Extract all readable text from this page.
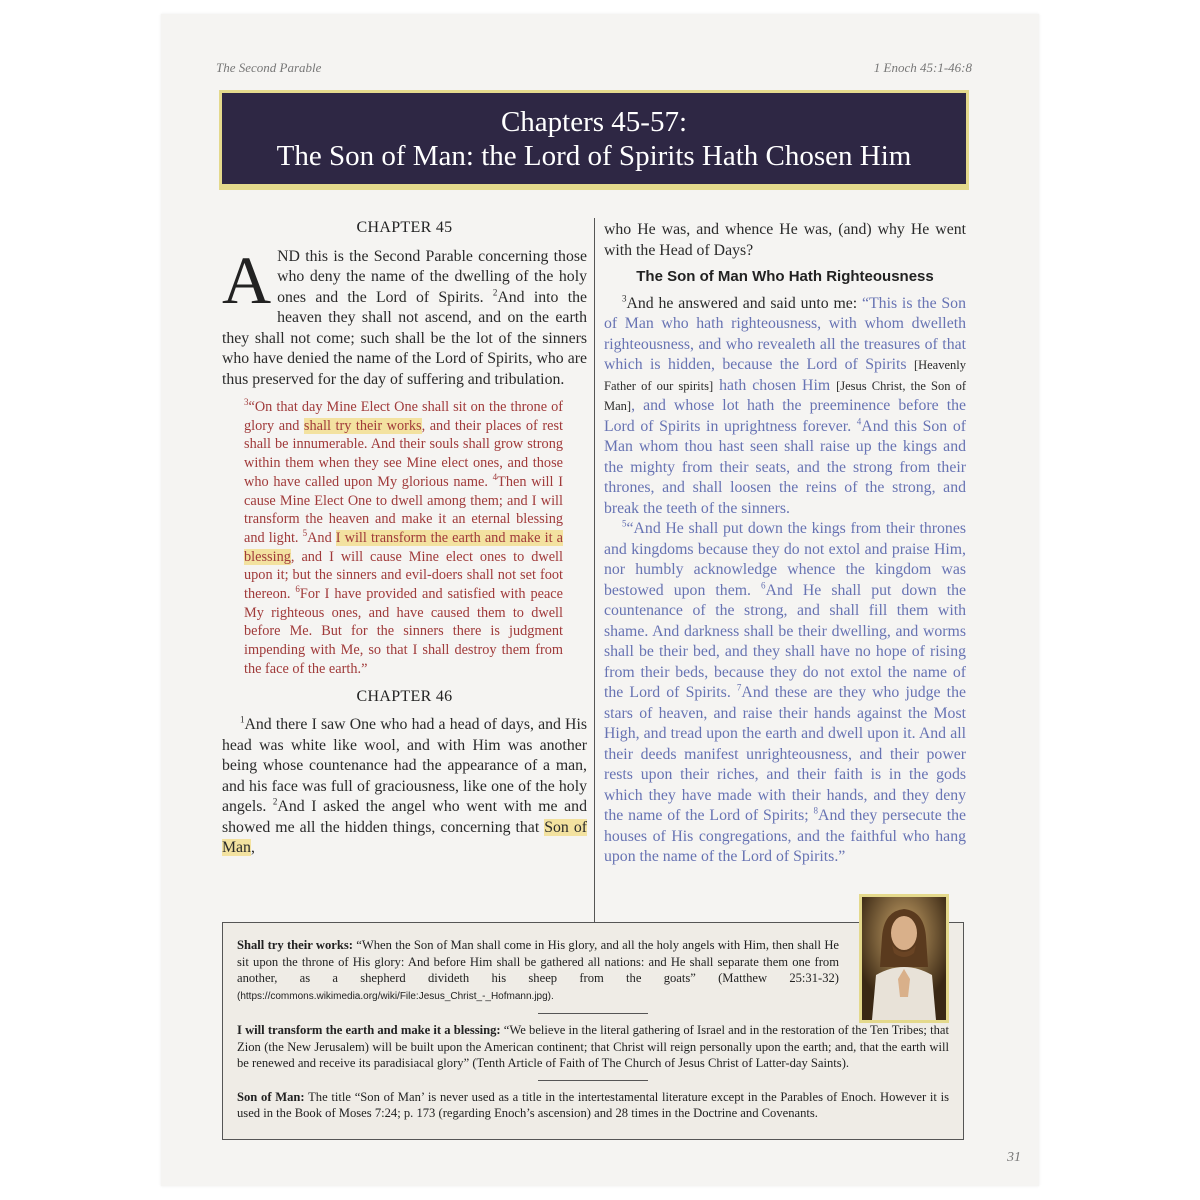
The Second Parable	1 Enoch 45:1-46:8
Chapters 45-57:
The Son of Man: the Lord of Spirits Hath Chosen Him
CHAPTER 45

AND this is the Second Parable concerning those who deny the name of the dwelling of the holy ones and the Lord of Spirits. $^2$And into the heaven they shall not ascend, and on the earth they shall not come; such shall be the lot of the sinners who have denied the name of the Lord of Spirits, who are thus preserved for the day of suffering and tribulation.

$^3$“On that day Mine Elect One shall sit on the throne of glory and shall try their works, and their places of rest shall be innumerable. And their souls shall grow strong within them when they see Mine elect ones, and those who have called upon My glorious name. $^4$Then will I cause Mine Elect One to dwell among them; and I will transform the heaven and make it an eternal blessing and light. $^5$And I will transform the earth and make it a blessing, and I will cause Mine elect ones to dwell upon it; but the sinners and evil-doers shall not set foot thereon. $^6$For I have provided and satisfied with peace My righteous ones, and have caused them to dwell before Me. But for the sinners there is judgment impending with Me, so that I shall destroy them from the face of the earth.”

CHAPTER 46

$^1$And there I saw One who had a head of days, and His head was white like wool, and with Him was another being whose countenance had the appearance of a man, and his face was full of graciousness, like one of the holy angels. $^2$And I asked the angel who went with me and showed me all the hidden things, concerning that Son of Man,

who He was, and whence He was, (and) why He went with the Head of Days?

The Son of Man Who Hath Righteousness

$^3$And he answered and said unto me: “This is the Son of Man who hath righteousness, with whom dwelleth righteousness, and who revealeth all the treasures of that which is hidden, because the Lord of Spirits [Heavenly Father of our spirits] hath chosen Him [Jesus Christ, the Son of Man], and whose lot hath the preeminence before the Lord of Spirits in uprightness forever. $^4$And this Son of Man whom thou hast seen shall raise up the kings and the mighty from their seats, and the strong from their thrones, and shall loosen the reins of the strong, and break the teeth of the sinners.

$^5$“And He shall put down the kings from their thrones and kingdoms because they do not extol and praise Him, nor humbly acknowledge whence the kingdom was bestowed upon them. $^6$And He shall put down the countenance of the strong, and shall fill them with shame. And darkness shall be their dwelling, and worms shall be their bed, and they shall have no hope of rising from their beds, because they do not extol the name of the Lord of Spirits. $^7$And these are they who judge the stars of heaven, and raise their hands against the Most High, and tread upon the earth and dwell upon it. And all their deeds manifest unrighteousness, and their power rests upon their riches, and their faith is in the gods which they have made with their hands, and they deny the name of the Lord of Spirits; $^8$And they persecute the houses of His congregations, and the faithful who hang upon the name of the Lord of Spirits.”

Shall try their works: “When the Son of Man shall come in His glory, and all the holy angels with Him, then shall He sit upon the throne of His glory: And before Him shall be gathered all nations: and He shall separate them one from another, as a shepherd divideth his sheep from the goats” (Matthew 25:31-32) (https://commons.wikimedia.org/wiki/File:Jesus_Christ_-_Hofmann.jpg).
I will transform the earth and make it a blessing: “We believe in the literal gathering of Israel and in the restoration of the Ten Tribes; that Zion (the New Jerusalem) will be built upon the American continent; that Christ will reign personally upon the earth; and, that the earth will be renewed and receive its paradisiacal glory” (Tenth Article of Faith of The Church of Jesus Christ of Latter-day Saints).
Son of Man: The title “Son of Man’ is never used as a title in the intertestamental literature except in the Parables of Enoch. However it is used in the Book of Moses 7:24; p. 173 (regarding Enoch’s ascension) and 28 times in the Doctrine and Covenants.
31
